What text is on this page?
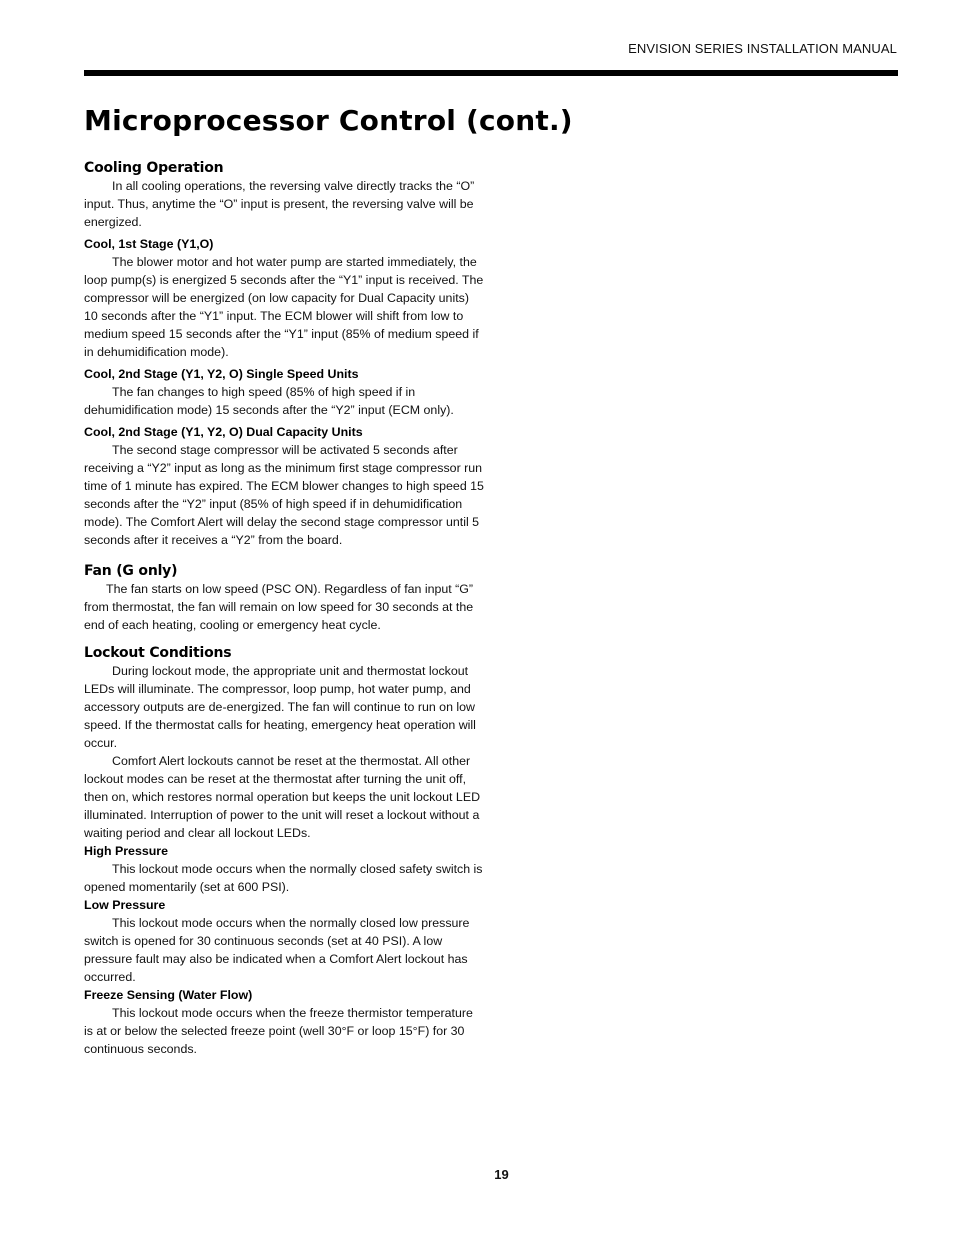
ENVISION SERIES INSTALLATION MANUAL
Microprocessor Control (cont.)
Cooling Operation

In all cooling operations, the reversing valve directly tracks the “O” input. Thus, anytime the “O” input is present, the reversing valve will be energized.

Cool, 1st Stage (Y1,O)

The blower motor and hot water pump are started immediately, the loop pump(s) is energized 5 seconds after the “Y1” input is received. The compressor will be energized (on low capacity for Dual Capacity units) 10 seconds after the “Y1” input. The ECM blower will shift from low to medium speed 15 seconds after the “Y1” input (85% of medium speed if in dehumidification mode).

Cool, 2nd Stage (Y1, Y2, O) Single Speed Units

The fan changes to high speed (85% of high speed if in dehumidification mode) 15 seconds after the “Y2” input (ECM only).

Cool, 2nd Stage (Y1, Y2, O) Dual Capacity Units

The second stage compressor will be activated 5 seconds after receiving a “Y2” input as long as the minimum first stage compressor run time of 1 minute has expired. The ECM blower changes to high speed 15 seconds after the “Y2” input (85% of high speed if in dehumidification mode). The Comfort Alert will delay the second stage compressor until 5 seconds after it receives a “Y2” from the board.

Fan (G only)

The fan starts on low speed (PSC ON). Regardless of fan input “G” from thermostat, the fan will remain on low speed for 30 seconds at the end of each heating, cooling or emergency heat cycle.

Lockout Conditions

During lockout mode, the appropriate unit and thermostat lockout LEDs will illuminate. The compressor, loop pump, hot water pump, and accessory outputs are de-energized. The fan will continue to run on low speed. If the thermostat calls for heating, emergency heat operation will occur.

Comfort Alert lockouts cannot be reset at the thermostat. All other lockout modes can be reset at the thermostat after turning the unit off, then on, which restores normal operation but keeps the unit lockout LED illuminated. Interruption of power to the unit will reset a lockout without a waiting period and clear all lockout LEDs.

High Pressure

This lockout mode occurs when the normally closed safety switch is opened momentarily (set at 600 PSI).

Low Pressure

This lockout mode occurs when the normally closed low pressure switch is opened for 30 continuous seconds (set at 40 PSI). A low pressure fault may also be indicated when a Comfort Alert lockout has occurred.

Freeze Sensing (Water Flow)

This lockout mode occurs when the freeze thermistor temperature is at or below the selected freeze point (well 30°F or loop 15°F) for 30 continuous seconds.

19
